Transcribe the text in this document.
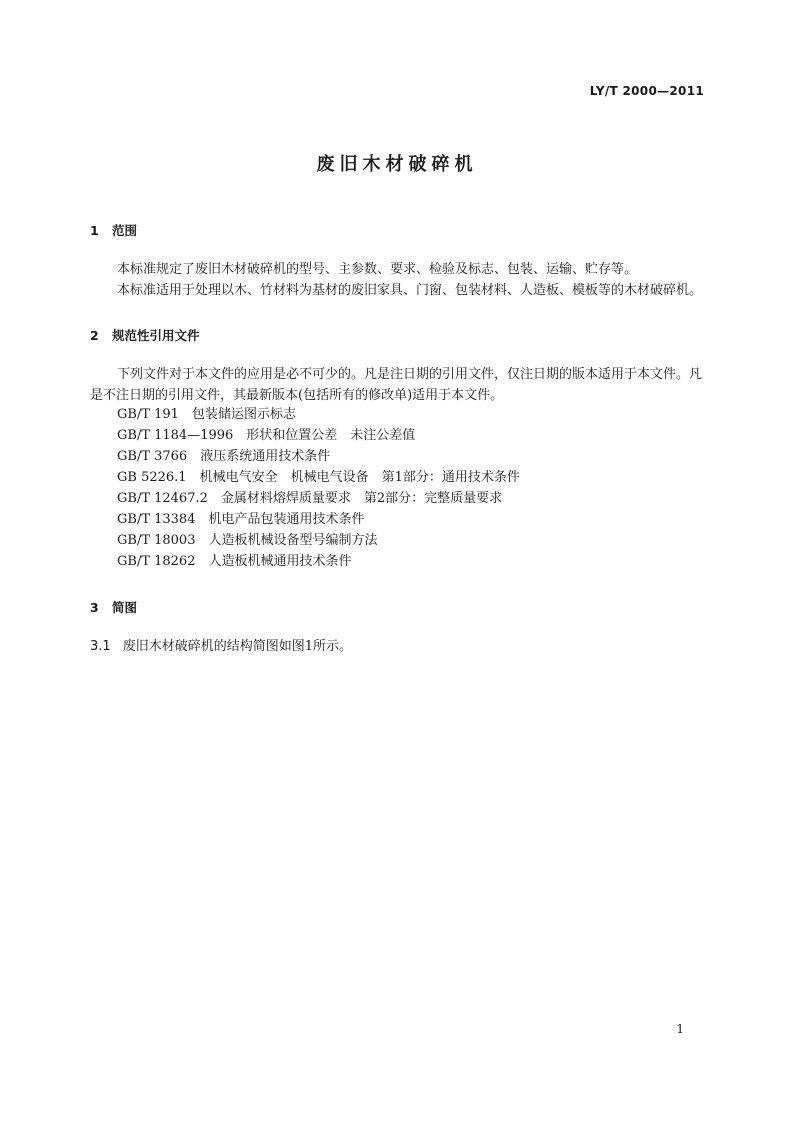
LY/T 2000—2011
废旧木材破碎机
1 范围

本标准规定了废旧木材破碎机的型号、主参数、要求、检验及标志、包装、运输、贮存等。

本标准适用于处理以木、竹材料为基材的废旧家具、门窗、包装材料、人造板、模板等的木材破碎机。

2 规范性引用文件

下列文件对于本文件的应用是必不可少的。凡是注日期的引用文件，仅注日期的版本适用于本文件。凡是不注日期的引用文件，其最新版本(包括所有的修改单)适用于本文件。

GB/T 191 包装储运图示标志
GB/T 1184—1996 形状和位置公差　未注公差值
GB/T 3766 液压系统通用技术条件
GB 5226.1 机械电气安全　机械电气设备　第1部分：通用技术条件
GB/T 12467.2 金属材料熔焊质量要求　第2部分：完整质量要求
GB/T 13384 机电产品包装通用技术条件
GB/T 18003 人造板机械设备型号编制方法
GB/T 18262 人造板机械通用技术条件
3 简图
3.1 废旧木材破碎机的结构简图如图1所示。
1
